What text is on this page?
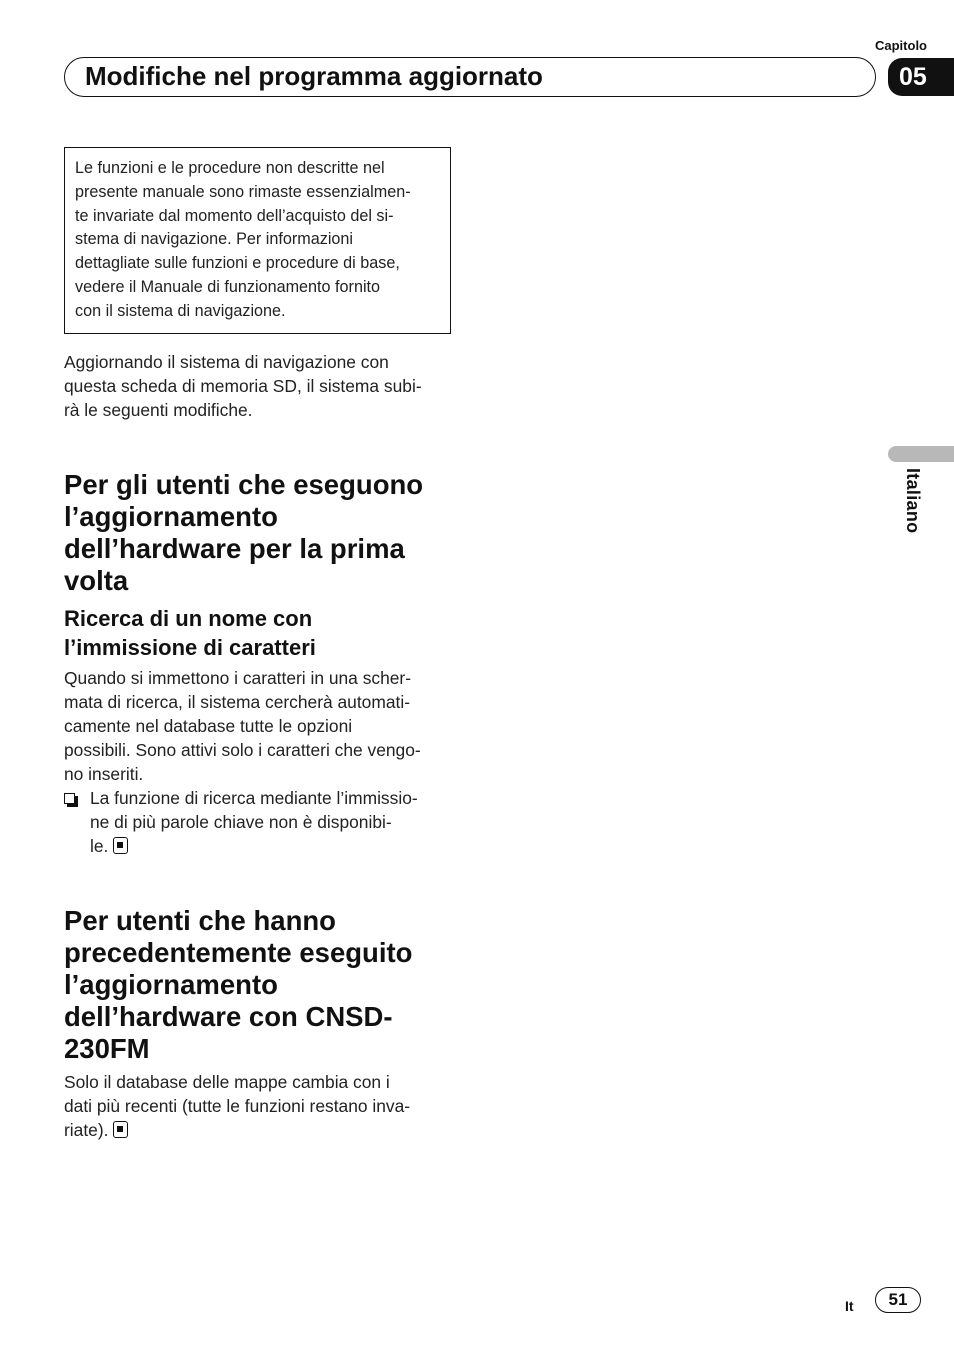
Capitolo
05
Modifiche nel programma aggiornato
Le funzioni e le procedure non descritte nel
presente manuale sono rimaste essenzialmen-
te invariate dal momento dell’acquisto del si-
stema di navigazione. Per informazioni
dettagliate sulle funzioni e procedure di base,
vedere il Manuale di funzionamento fornito
con il sistema di navigazione.
Aggiornando il sistema di navigazione con
questa scheda di memoria SD, il sistema subi-
rà le seguenti modifiche.
Per gli utenti che eseguono
l’aggiornamento
dell’hardware per la prima
volta
Ricerca di un nome con
l’immissione di caratteri
Quando si immettono i caratteri in una scher-
mata di ricerca, il sistema cercherà automati-
camente nel database tutte le opzioni
possibili. Sono attivi solo i caratteri che vengo-
no inseriti.
La funzione di ricerca mediante l’immissio-
ne di più parole chiave non è disponibi-
le.
Per utenti che hanno
precedentemente eseguito
l’aggiornamento
dell’hardware con CNSD-
230FM
Solo il database delle mappe cambia con i
dati più recenti (tutte le funzioni restano inva-
riate).
Italiano
It	51
